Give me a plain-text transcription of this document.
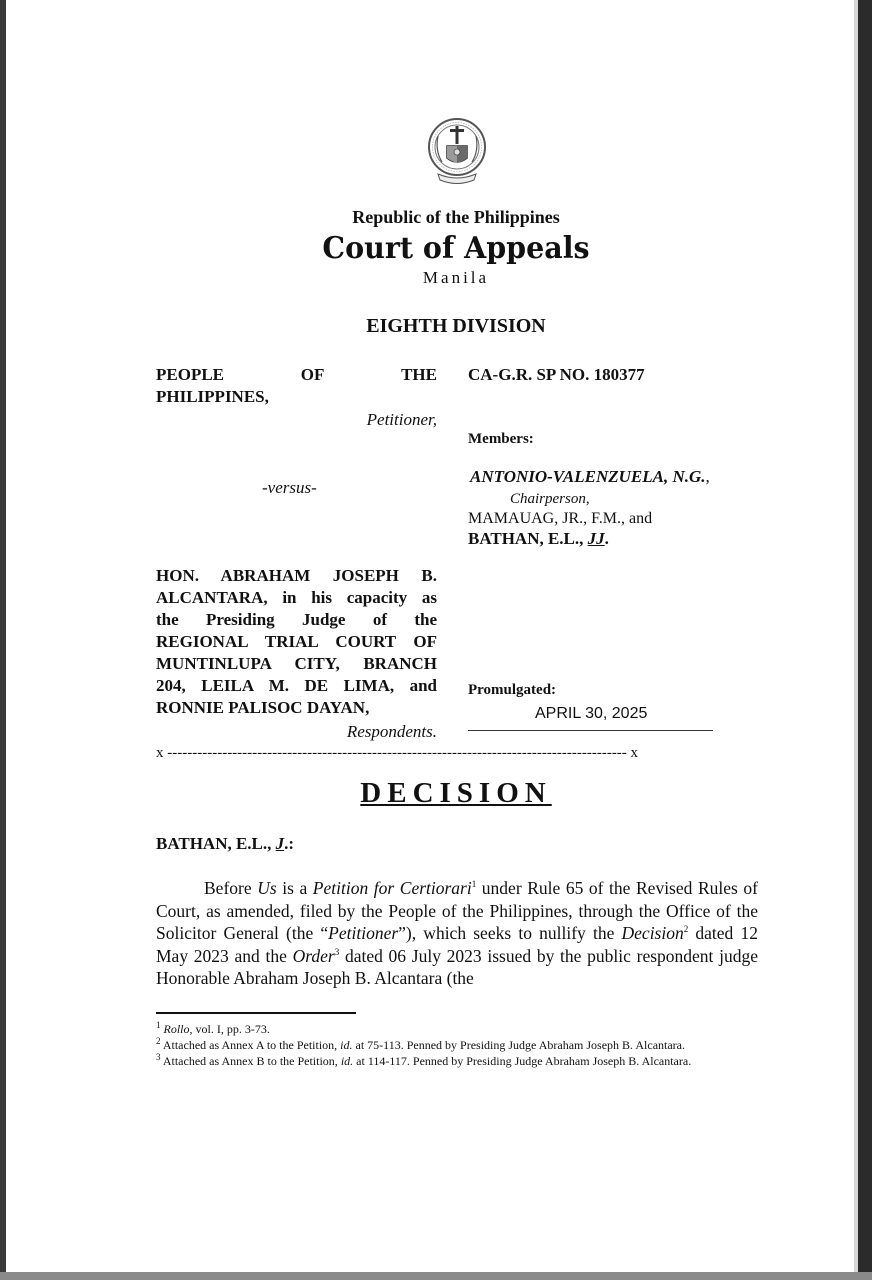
Republic of the Philippines
Court of Appeals
Manila
EIGHTH DIVISION
PEOPLE	OF	THE
PHILIPPINES,
Petitioner,
-versus-
HON. ABRAHAM JOSEPH B.
ALCANTARA, in his capacity as
the Presiding Judge of the
REGIONAL TRIAL COURT OF
MUNTINLUPA CITY, BRANCH
204, LEILA M. DE LIMA, and
RONNIE PALISOC DAYAN,
Respondents.
CA-G.R. SP NO. 180377
Members:
ANTONIO-VALENZUELA, N.G.,
Chairperson,
MAMAUAG, JR., F.M., and
BATHAN, E.L., JJ.
Promulgated:
APRIL 30, 2025
x -------------------------------------------------------------------------------------------- x
DECISION
BATHAN, E.L., J.:
Before Us is a Petition for Certiorari$^1$ under Rule 65 of the Revised Rules of Court, as amended, filed by the People of the Philippines, through the Office of the Solicitor General (the “Petitioner”), which seeks to nullify the Decision$^2$ dated 12 May 2023 and the Order$^3$ dated 06 July 2023 issued by the public respondent judge Honorable Abraham Joseph B. Alcantara (the

$^1$ Rollo, vol. I, pp. 3-73.

$^2$ Attached as Annex A to the Petition, id. at 75-113. Penned by Presiding Judge Abraham Joseph B. Alcantara.

$^3$ Attached as Annex B to the Petition, id. at 114-117. Penned by Presiding Judge Abraham Joseph B. Alcantara.
